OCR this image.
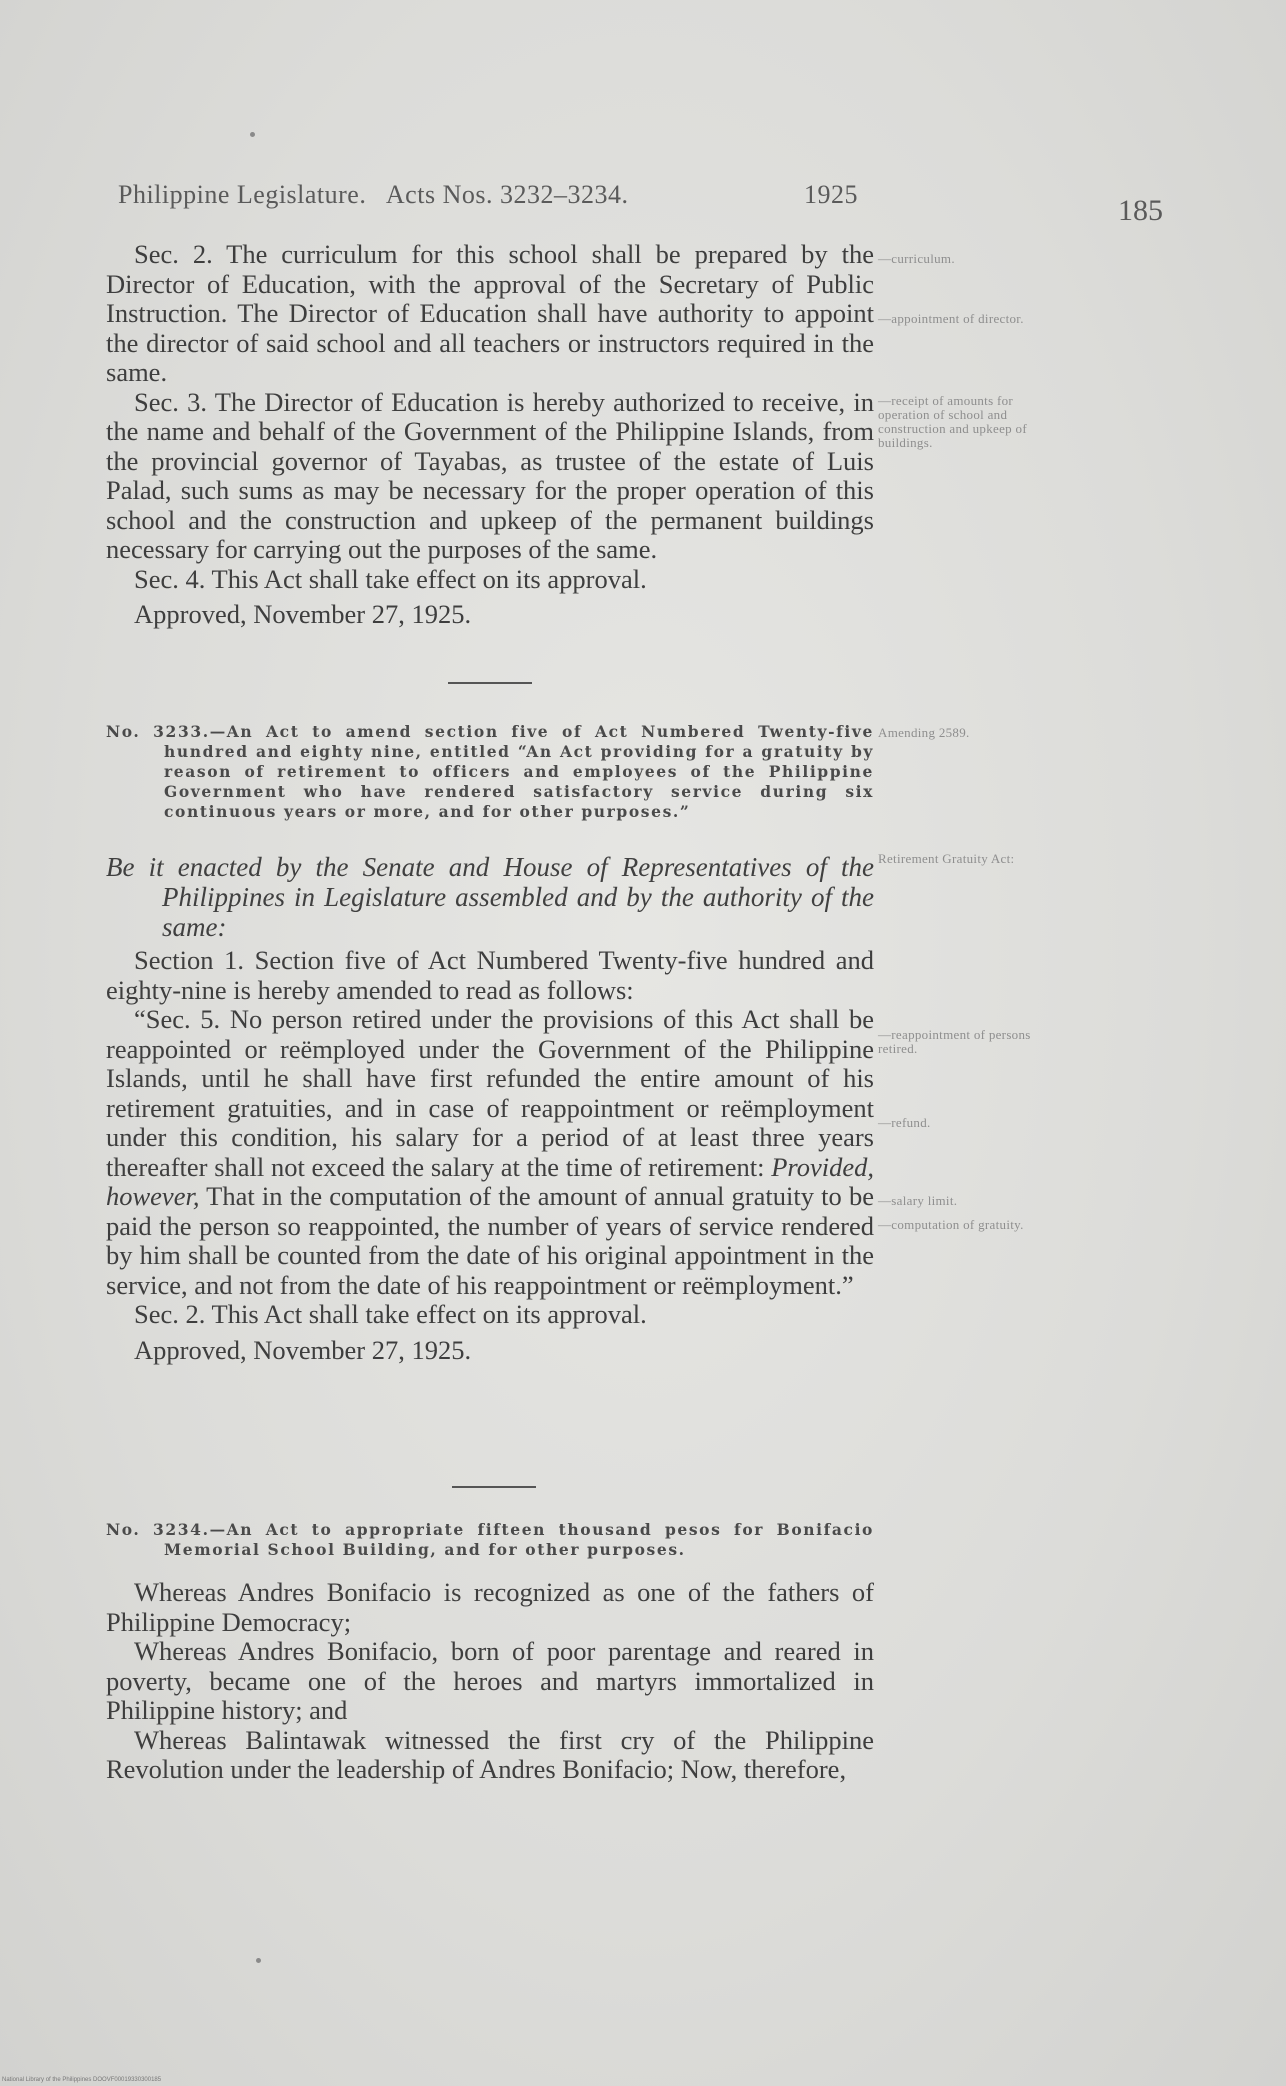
Philippine Legislature.   Acts Nos. 3232–3234.	1925	185

Sec. 2. The curriculum for this school shall be prepared by the Director of Education, with the approval of the Secretary of Public Instruction. The Director of Education shall have authority to appoint the director of said school and all teachers or instructors required in the same.

Sec. 3. The Director of Education is hereby authorized to receive, in the name and behalf of the Government of the Philippine Islands, from the provincial governor of Tayabas, as trustee of the estate of Luis Palad, such sums as may be necessary for the proper operation of this school and the construction and upkeep of the permanent buildings necessary for carrying out the purposes of the same.

Sec. 4. This Act shall take effect on its approval.

Approved, November 27, 1925.

No. 3233.—An Act to amend section five of Act Numbered Twenty-five hundred and eighty nine, entitled “An Act providing for a gratuity by reason of retirement to officers and employees of the Philippine Government who have rendered satisfactory service during six continuous years or more, and for other purposes.”
Be it enacted by the Senate and House of Representatives of the Philippines in Legislature assembled and by the authority of the same:

Section 1. Section five of Act Numbered Twenty-five hundred and eighty-nine is hereby amended to read as follows:

“Sec. 5. No person retired under the provisions of this Act shall be reappointed or reëmployed under the Government of the Philippine Islands, until he shall have first refunded the entire amount of his retirement gratuities, and in case of reappointment or reëmployment under this condition, his salary for a period of at least three years thereafter shall not exceed the salary at the time of retirement: Provided, however, That in the computation of the amount of annual gratuity to be paid the person so reappointed, the number of years of service rendered by him shall be counted from the date of his original appointment in the service, and not from the date of his reappointment or reëmployment.”

Sec. 2. This Act shall take effect on its approval.

Approved, November 27, 1925.

No. 3234.—An Act to appropriate fifteen thousand pesos for Bonifacio Memorial School Building, and for other purposes.

Whereas Andres Bonifacio is recognized as one of the fathers of Philippine Democracy;

Whereas Andres Bonifacio, born of poor parentage and reared in poverty, became one of the heroes and martyrs immortalized in Philippine history; and

Whereas Balintawak witnessed the first cry of the Philippine Revolution under the leadership of Andres Bonifacio; Now, therefore,

—curriculum.
—appointment of director.
—receipt of amounts for operation of school and construction and upkeep of buildings.
Amending 2589.
Retirement Gratuity Act:
—reappointment of persons retired.
—refund.
—salary limit.
—computation of gratuity.
National Library of the Philippines DOOVF00019330300185
